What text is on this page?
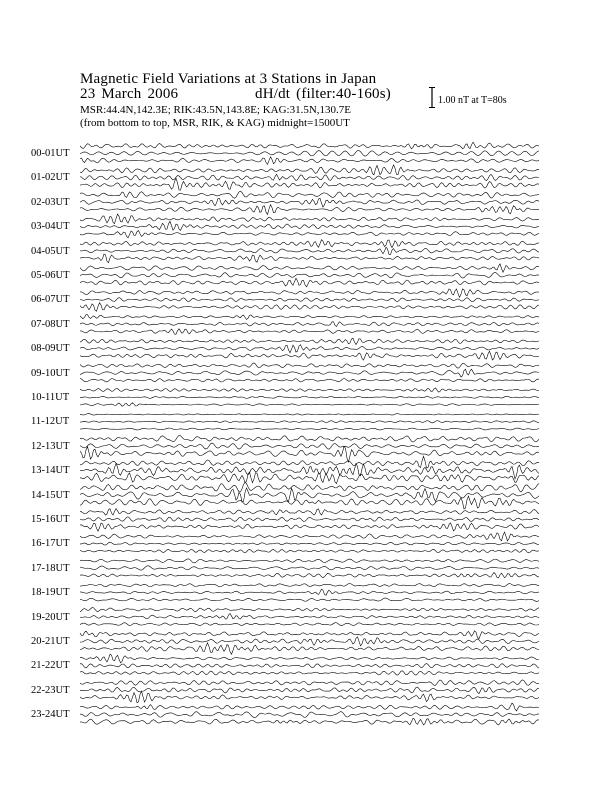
Magnetic Field Variations at 3 Stations in Japan
23 March 2006	dH/dt (filter:40-160s)
MSR:44.4N,142.3E; RIK:43.5N,143.8E; KAG:31.5N,130.7E
(from bottom to top, MSR, RIK, & KAG) midnight=1500UT
1.00 nT at T=80s
00-01UT
01-02UT
02-03UT
03-04UT
04-05UT
05-06UT
06-07UT
07-08UT
08-09UT
09-10UT
10-11UT
11-12UT
12-13UT
13-14UT
14-15UT
15-16UT
16-17UT
17-18UT
18-19UT
19-20UT
20-21UT
21-22UT
22-23UT
23-24UT
